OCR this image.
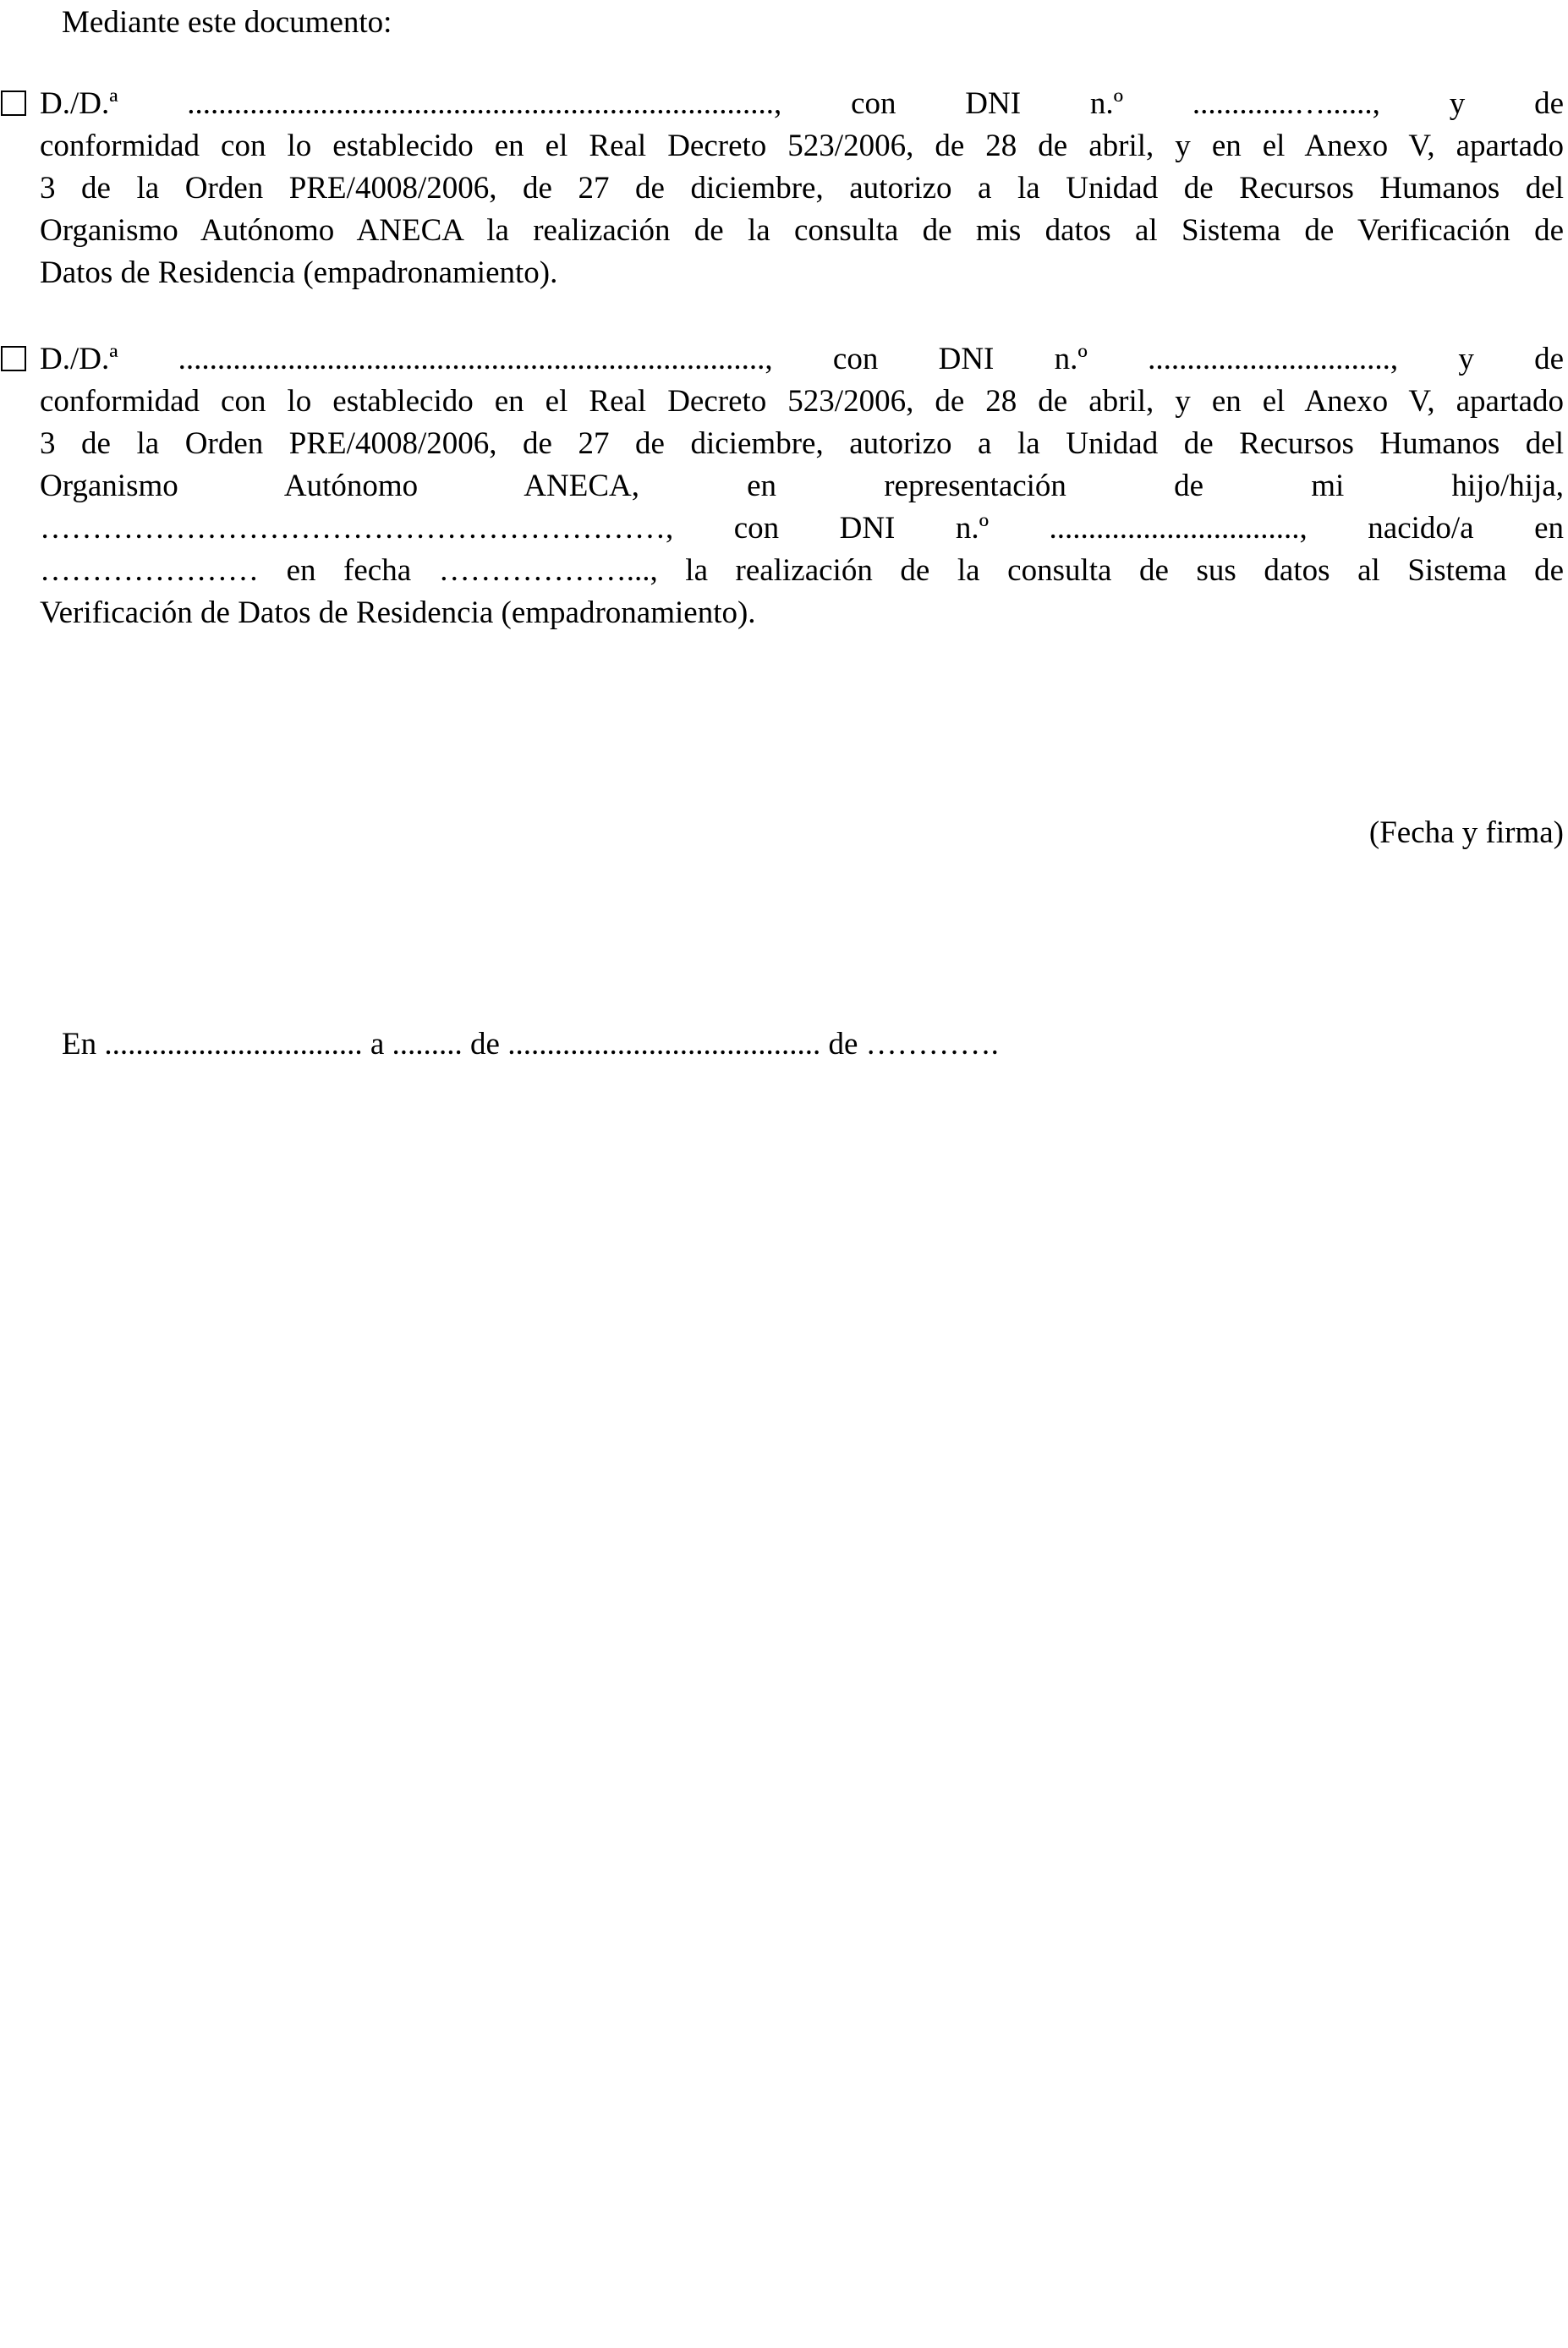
Mediante este documento:
D./D.ª ..........................................................................., con DNI n.º .............…......, y de
conformidad con lo establecido en el Real Decreto 523/2006, de 28 de abril, y en el Anexo V, apartado
3 de la Orden PRE/4008/2006, de 27 de diciembre, autorizo a la Unidad de Recursos Humanos del
Organismo Autónomo ANECA la realización de la consulta de mis datos al Sistema de Verificación de
Datos de Residencia (empadronamiento).
D./D.ª ..........................................................................., con DNI n.º ..............................., y de
conformidad con lo establecido en el Real Decreto 523/2006, de 28 de abril, y en el Anexo V, apartado
3 de la Orden PRE/4008/2006, de 27 de diciembre, autorizo a la Unidad de Recursos Humanos del
Organismo Autónomo ANECA, en representación de mi hijo/hija,
……………………………………………………, con DNI n.º ................................, nacido/a en
………………… en fecha ………………..., la realización de la consulta de sus datos al Sistema de
Verificación de Datos de Residencia (empadronamiento).
(Fecha y firma)
En ................................. a ......... de ........................................ de ………….
